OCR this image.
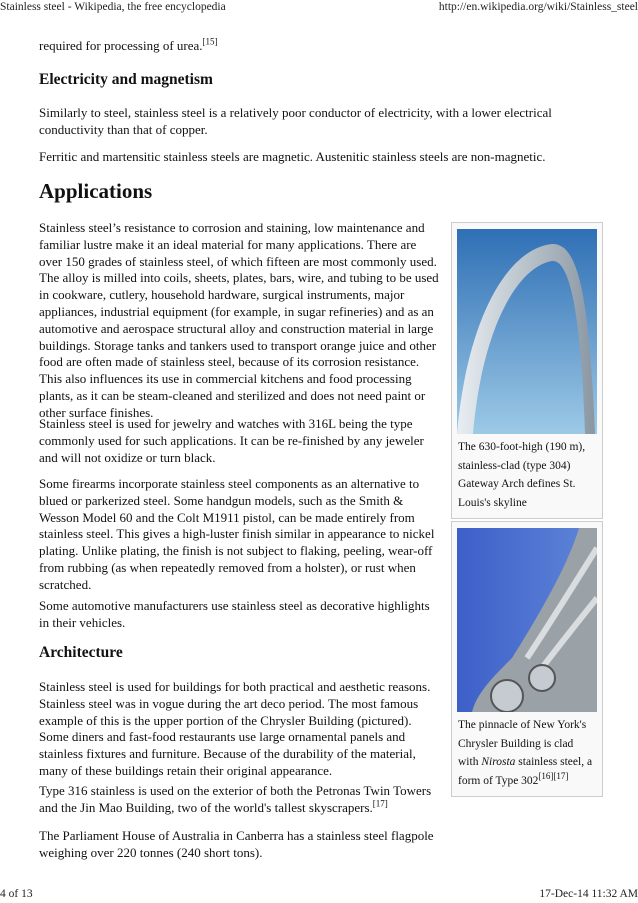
Stainless steel - Wikipedia, the free encyclopedia	http://en.wikipedia.org/wiki/Stainless_steel
required for processing of urea.[15]
Electricity and magnetism
Similarly to steel, stainless steel is a relatively poor conductor of electricity, with a lower electrical
conductivity than that of copper.
Ferritic and martensitic stainless steels are magnetic. Austenitic stainless steels are non-magnetic.
Applications
Stainless steel’s resistance to corrosion and staining, low maintenance and
familiar lustre make it an ideal material for many applications. There are
over 150 grades of stainless steel, of which fifteen are most commonly used.
The alloy is milled into coils, sheets, plates, bars, wire, and tubing to be used
in cookware, cutlery, household hardware, surgical instruments, major
appliances, industrial equipment (for example, in sugar refineries) and as an
automotive and aerospace structural alloy and construction material in large
buildings. Storage tanks and tankers used to transport orange juice and other
food are often made of stainless steel, because of its corrosion resistance.
This also influences its use in commercial kitchens and food processing
plants, as it can be steam-cleaned and sterilized and does not need paint or
other surface finishes.
Stainless steel is used for jewelry and watches with 316L being the type
commonly used for such applications. It can be re-finished by any jeweler
and will not oxidize or turn black.
Some firearms incorporate stainless steel components as an alternative to
blued or parkerized steel. Some handgun models, such as the Smith &
Wesson Model 60 and the Colt M1911 pistol, can be made entirely from
stainless steel. This gives a high-luster finish similar in appearance to nickel
plating. Unlike plating, the finish is not subject to flaking, peeling, wear-off
from rubbing (as when repeatedly removed from a holster), or rust when
scratched.
Some automotive manufacturers use stainless steel as decorative highlights
in their vehicles.
Architecture
Stainless steel is used for buildings for both practical and aesthetic reasons.
Stainless steel was in vogue during the art deco period. The most famous
example of this is the upper portion of the Chrysler Building (pictured).
Some diners and fast-food restaurants use large ornamental panels and
stainless fixtures and furniture. Because of the durability of the material,
many of these buildings retain their original appearance.
Type 316 stainless is used on the exterior of both the Petronas Twin Towers
and the Jin Mao Building, two of the world's tallest skyscrapers.[17]
The Parliament House of Australia in Canberra has a stainless steel flagpole
weighing over 220 tonnes (240 short tons).
The 630-foot-high (190 m), stainless-clad (type 304) Gateway Arch defines St. Louis's skyline
The pinnacle of New York's Chrysler Building is clad with Nirosta stainless steel, a form of Type 302[16][17]
4 of 13	17-Dec-14 11:32 AM
